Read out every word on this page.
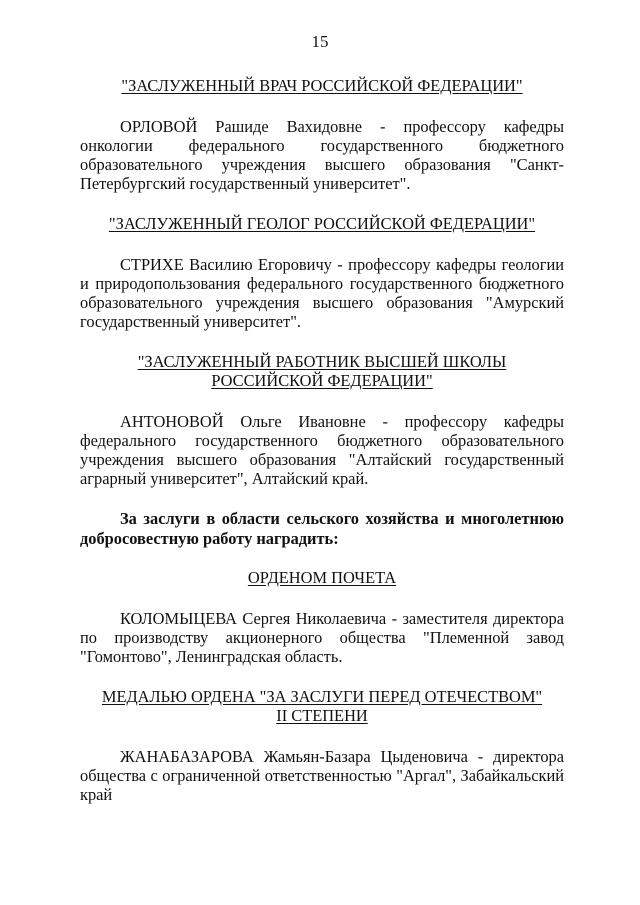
15
"ЗАСЛУЖЕННЫЙ ВРАЧ РОССИЙСКОЙ ФЕДЕРАЦИИ"

ОРЛОВОЙ Рашиде Вахидовне - профессору кафедры онкологии федерального государственного бюджетного образовательного учреждения высшего образования "Санкт-Петербургский государственный университет".

"ЗАСЛУЖЕННЫЙ ГЕОЛОГ РОССИЙСКОЙ ФЕДЕРАЦИИ"

СТРИХЕ Василию Егоровичу - профессору кафедры геологии и природопользования федерального государственного бюджетного образовательного учреждения высшего образования "Амурский государственный университет".

"ЗАСЛУЖЕННЫЙ РАБОТНИК ВЫСШЕЙ ШКОЛЫ
РОССИЙСКОЙ ФЕДЕРАЦИИ"

АНТОНОВОЙ Ольге Ивановне - профессору кафедры федерального государственного бюджетного образовательного учреждения высшего образования "Алтайский государственный аграрный университет", Алтайский край.

За заслуги в области сельского хозяйства и многолетнюю добросовестную работу наградить:

ОРДЕНОМ ПОЧЕТА

КОЛОМЫЦЕВА Сергея Николаевича - заместителя директора по производству акционерного общества "Племенной завод "Гомонтово", Ленинградская область.

МЕДАЛЬЮ ОРДЕНА "ЗА ЗАСЛУГИ ПЕРЕД ОТЕЧЕСТВОМ"
II СТЕПЕНИ

ЖАНАБАЗАРОВА Жамьян-Базара Цыденовича - директора общества с ограниченной ответственностью "Аргал", Забайкальский край
